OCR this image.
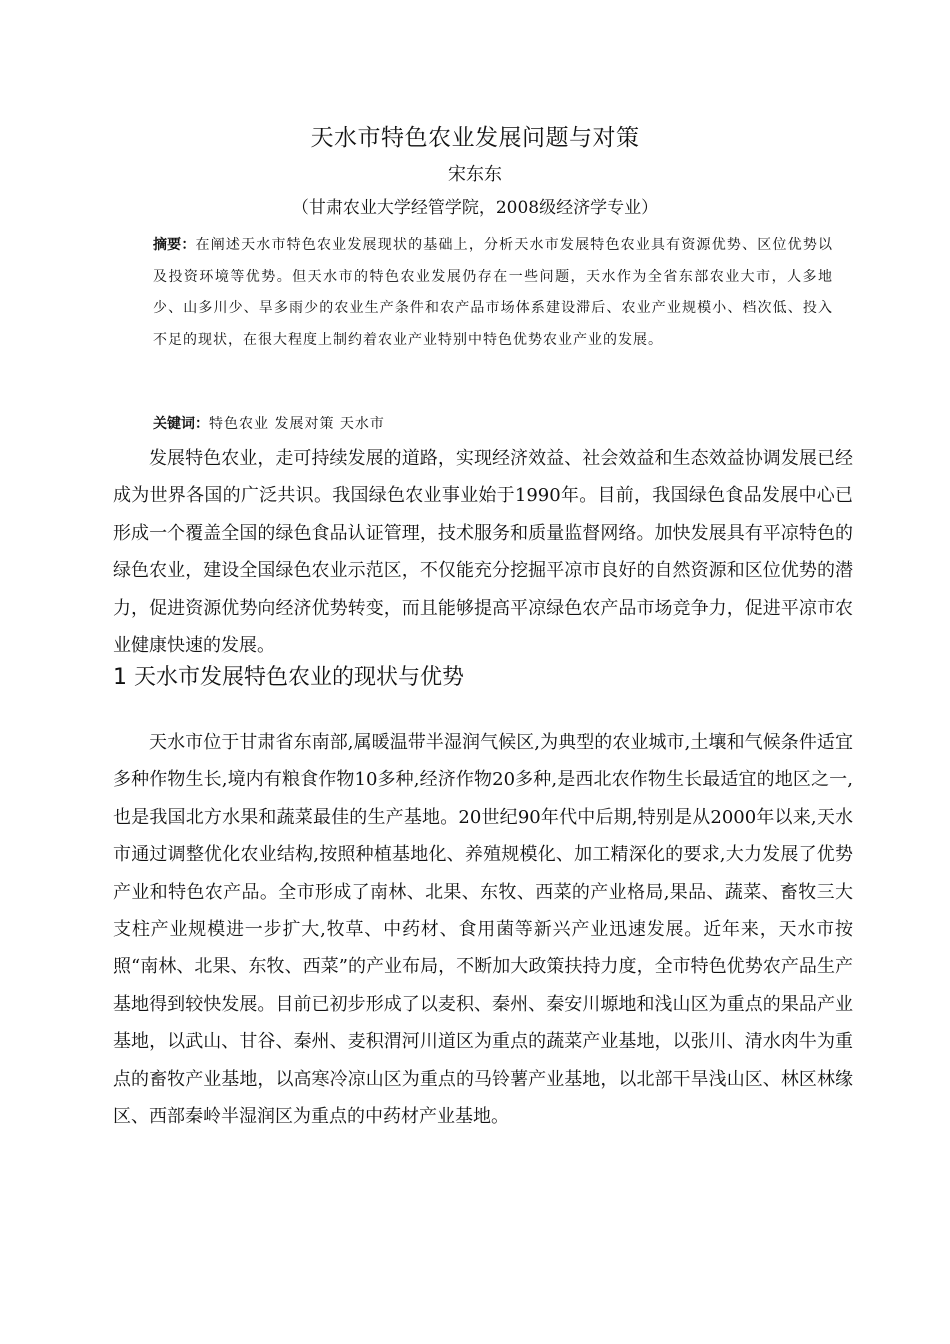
天水市特色农业发展问题与对策
宋东东
（甘肃农业大学经管学院，2008级经济学专业）
摘要：在阐述天水市特色农业发展现状的基础上，分析天水市发展特色农业具有资源优势、区位优势以及投资环境等优势。但天水市的特色农业发展仍存在一些问题，天水作为全省东部农业大市，人多地少、山多川少、旱多雨少的农业生产条件和农产品市场体系建设滞后、农业产业规模小、档次低、投入不足的现状，在很大程度上制约着农业产业特别中特色优势农业产业的发展。
关键词：特色农业 发展对策 天水市
发展特色农业，走可持续发展的道路，实现经济效益、社会效益和生态效益协调发展已经成为世界各国的广泛共识。我国绿色农业事业始于1990年。目前，我国绿色食品发展中心已形成一个覆盖全国的绿色食品认证管理，技术服务和质量监督网络。加快发展具有平凉特色的绿色农业，建设全国绿色农业示范区，不仅能充分挖掘平凉市良好的自然资源和区位优势的潜力，促进资源优势向经济优势转变，而且能够提高平凉绿色农产品市场竞争力，促进平凉市农业健康快速的发展。
1 天水市发展特色农业的现状与优势
天水市位于甘肃省东南部,属暖温带半湿润气候区,为典型的农业城市,土壤和气候条件适宜多种作物生长,境内有粮食作物10多种,经济作物20多种,是西北农作物生长最适宜的地区之一,也是我国北方水果和蔬菜最佳的生产基地。20世纪90年代中后期,特别是从2000年以来,天水市通过调整优化农业结构,按照种植基地化、养殖规模化、加工精深化的要求,大力发展了优势产业和特色农产品。全市形成了南林、北果、东牧、西菜的产业格局,果品、蔬菜、畜牧三大支柱产业规模进一步扩大,牧草、中药材、食用菌等新兴产业迅速发展。近年来，天水市按照“南林、北果、东牧、西菜”的产业布局，不断加大政策扶持力度，全市特色优势农产品生产基地得到较快发展。目前已初步形成了以麦积、秦州、秦安川塬地和浅山区为重点的果品产业基地，以武山、甘谷、秦州、麦积渭河川道区为重点的蔬菜产业基地，以张川、清水肉牛为重点的畜牧产业基地，以高寒冷凉山区为重点的马铃薯产业基地，以北部干旱浅山区、林区林缘区、西部秦岭半湿润区为重点的中药材产业基地。
